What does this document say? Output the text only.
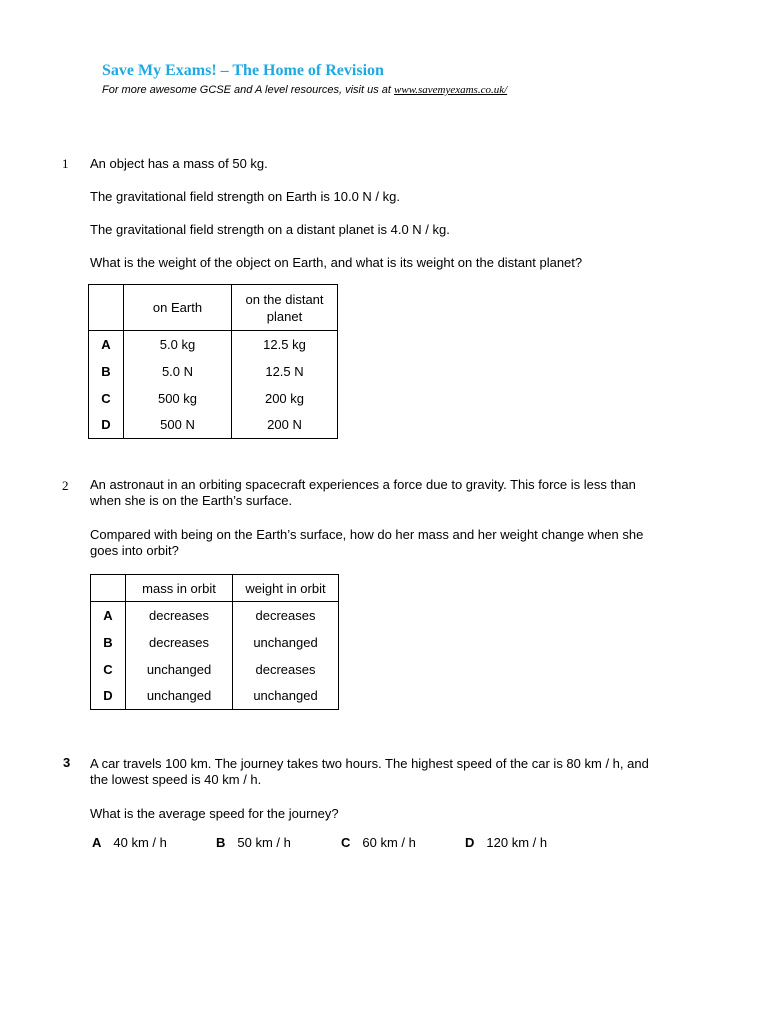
Save My Exams! – The Home of Revision
For more awesome GCSE and A level resources, visit us at www.savemyexams.co.uk/
1 An object has a mass of 50 kg.
The gravitational field strength on Earth is 10.0 N / kg.
The gravitational field strength on a distant planet is 4.0 N / kg.
What is the weight of the object on Earth, and what is its weight on the distant planet?
	on Earth	on the distant planet
A	5.0 kg	12.5 kg
B	5.0 N	12.5 N
C	500 kg	200 kg
D	500 N	200 N
2 An astronaut in an orbiting spacecraft experiences a force due to gravity. This force is less than
when she is on the Earth’s surface.
Compared with being on the Earth’s surface, how do her mass and her weight change when she
goes into orbit?
	mass in orbit	weight in orbit
A	decreases	decreases
B	decreases	unchanged
C	unchanged	decreases
D	unchanged	unchanged
3 A car travels 100 km. The journey takes two hours. The highest speed of the car is 80 km / h, and
the lowest speed is 40 km / h.
What is the average speed for the journey?
A 40 km / h	B 50 km / h	C 60 km / h	D 120 km / h
